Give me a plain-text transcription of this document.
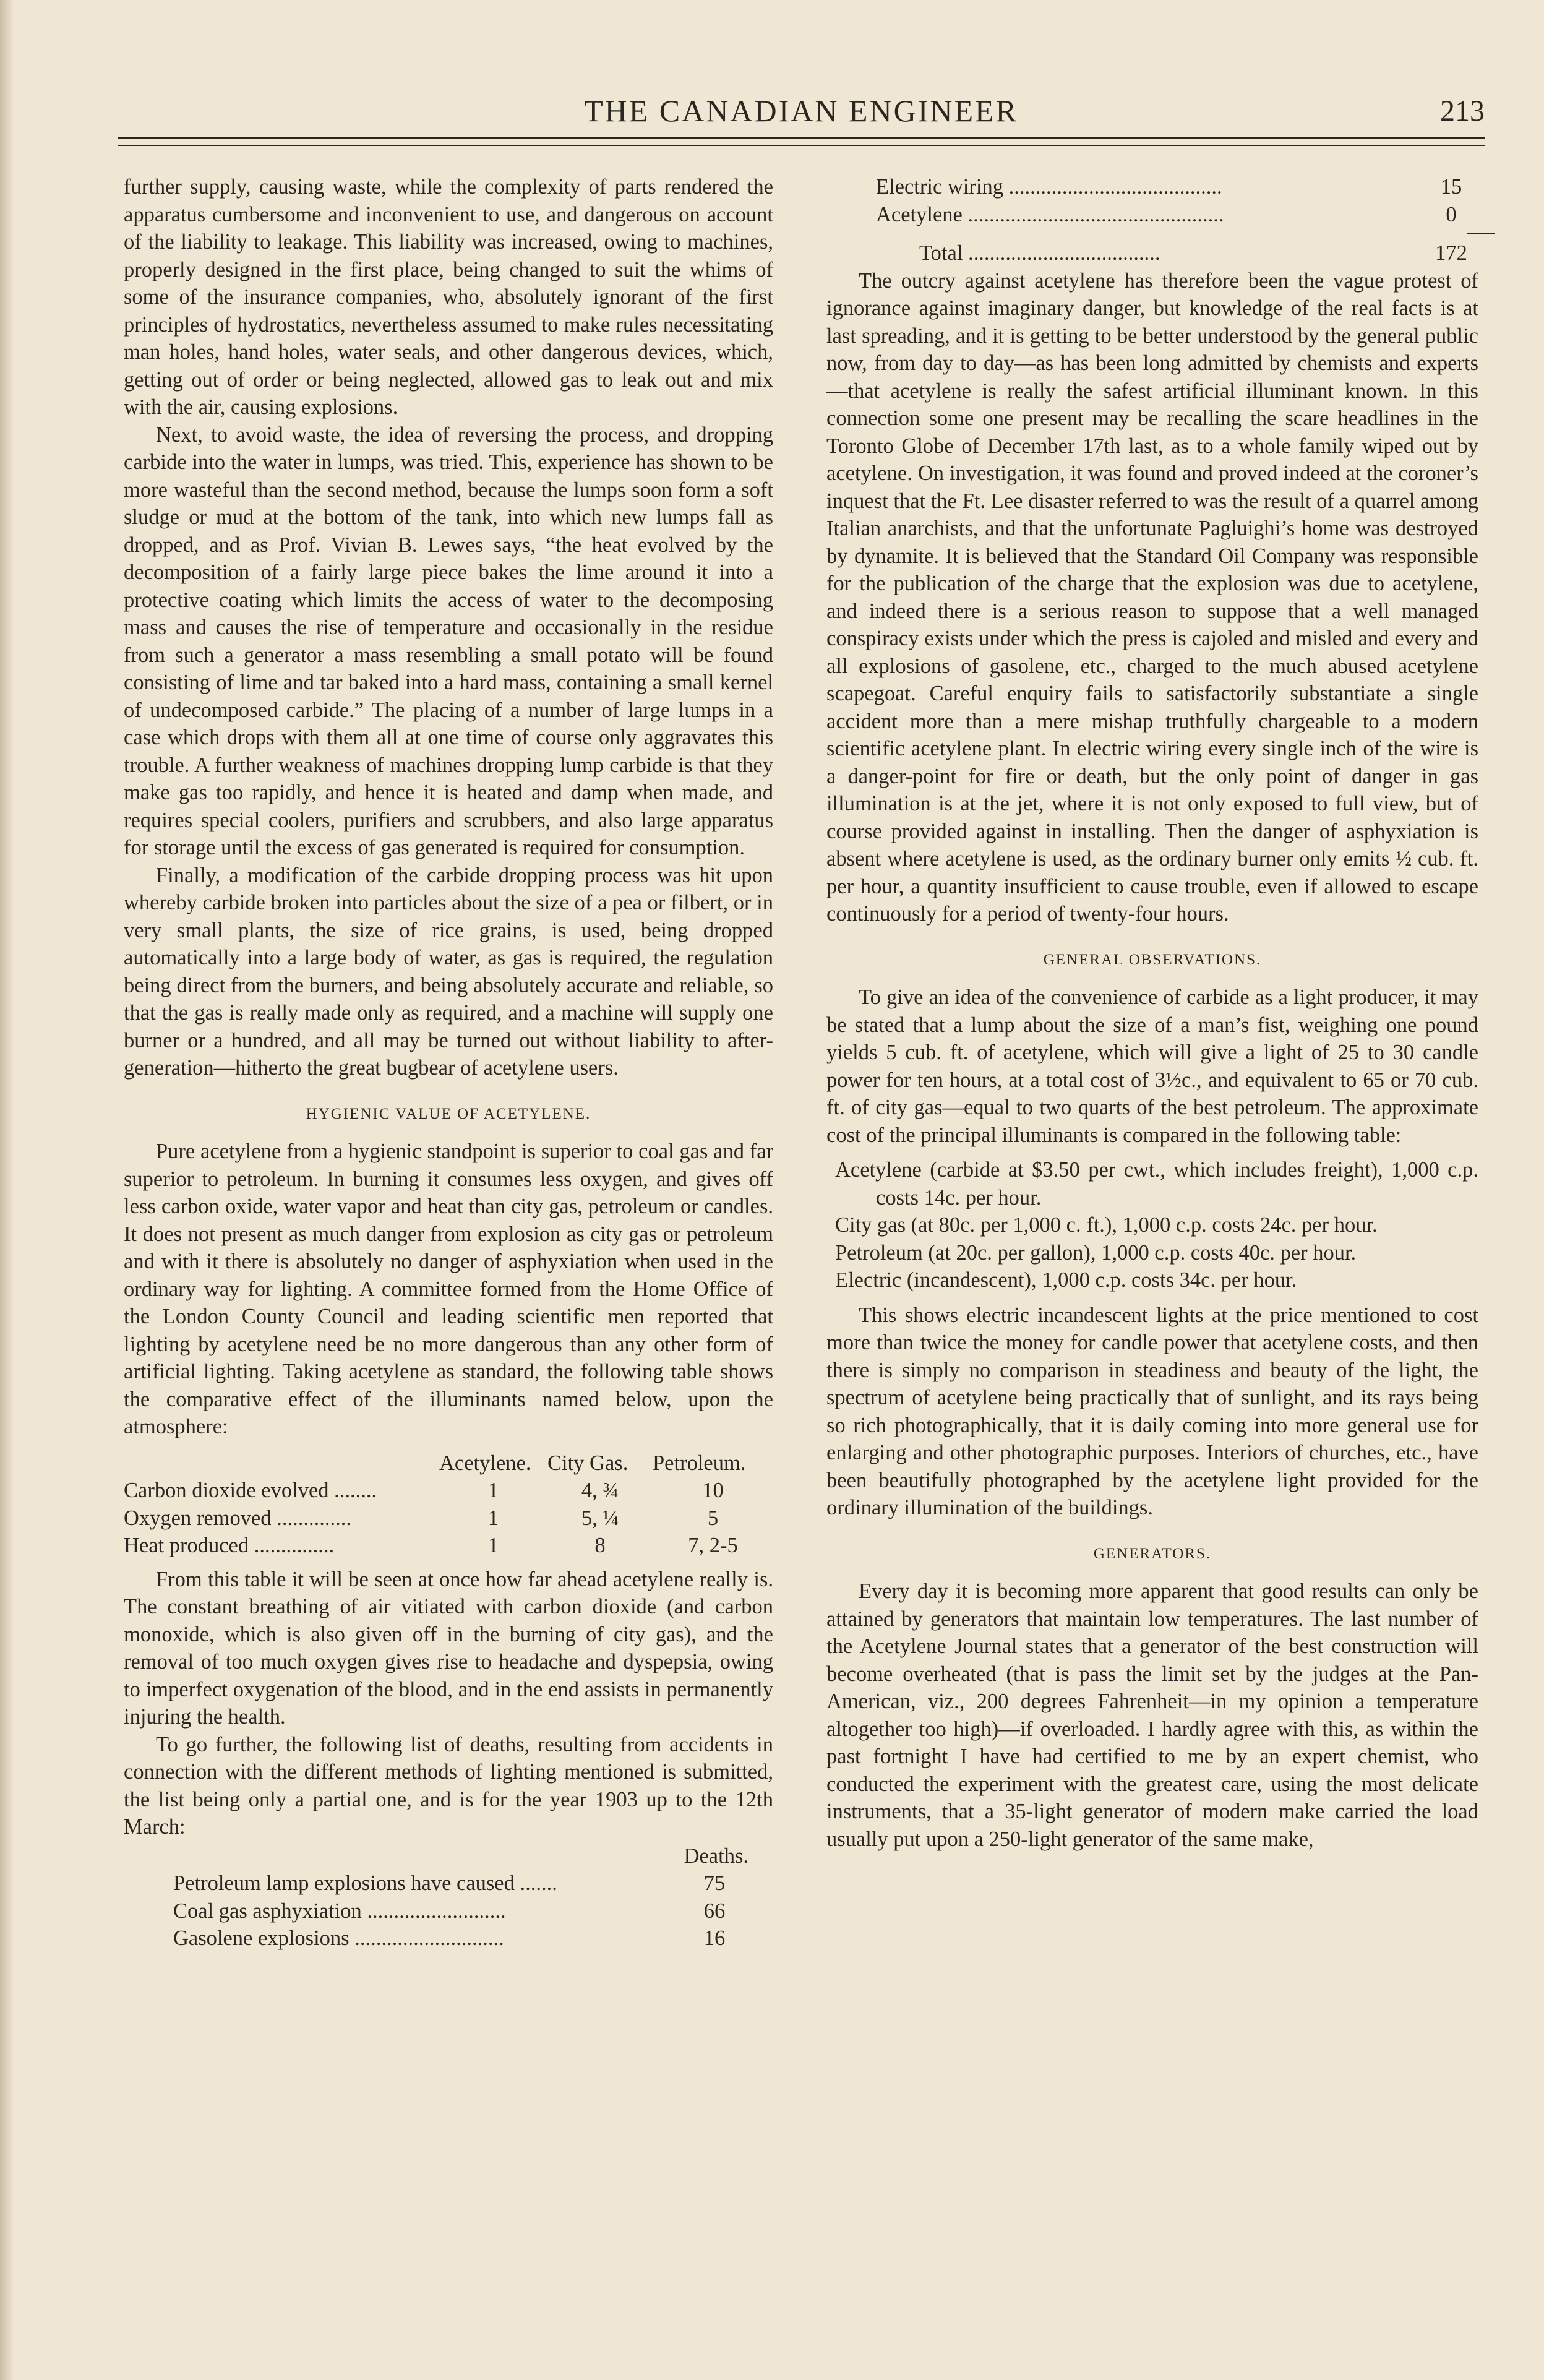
THE CANADIAN ENGINEER	213

further supply, causing waste, while the complexity of parts rendered the apparatus cumbersome and inconvenient to use, and dangerous on account of the liability to leakage. This liability was increased, owing to machines, properly designed in the first place, being changed to suit the whims of some of the insurance companies, who, absolutely ignorant of the first principles of hydrostatics, nevertheless assumed to make rules necessitating man holes, hand holes, water seals, and other dangerous devices, which, getting out of order or being neglected, allowed gas to leak out and mix with the air, causing explosions.

Next, to avoid waste, the idea of reversing the process, and dropping carbide into the water in lumps, was tried. This, experience has shown to be more wasteful than the second method, because the lumps soon form a soft sludge or mud at the bottom of the tank, into which new lumps fall as dropped, and as Prof. Vivian B. Lewes says, “the heat evolved by the decomposition of a fairly large piece bakes the lime around it into a protective coating which limits the access of water to the decomposing mass and causes the rise of temperature and occasionally in the residue from such a generator a mass resembling a small potato will be found consisting of lime and tar baked into a hard mass, containing a small kernel of undecomposed carbide.” The placing of a number of large lumps in a case which drops with them all at one time of course only aggravates this trouble. A further weakness of machines dropping lump carbide is that they make gas too rapidly, and hence it is heated and damp when made, and requires special coolers, purifiers and scrubbers, and also large apparatus for storage until the excess of gas generated is required for consumption.

Finally, a modification of the carbide dropping process was hit upon whereby carbide broken into particles about the size of a pea or filbert, or in very small plants, the size of rice grains, is used, being dropped automatically into a large body of water, as gas is required, the regulation being direct from the burners, and being absolutely accurate and reliable, so that the gas is really made only as required, and a machine will supply one burner or a hundred, and all may be turned out without liability to after-generation—hitherto the great bugbear of acetylene users.

HYGIENIC VALUE OF ACETYLENE.

Pure acetylene from a hygienic standpoint is superior to coal gas and far superior to petroleum. In burning it consumes less oxygen, and gives off less carbon oxide, water vapor and heat than city gas, petroleum or candles. It does not present as much danger from explosion as city gas or petroleum and with it there is absolutely no danger of asphyxiation when used in the ordinary way for lighting. A committee formed from the Home Office of the London County Council and leading scientific men reported that lighting by acetylene need be no more dangerous than any other form of artificial lighting. Taking acetylene as standard, the following table shows the comparative effect of the illuminants named below, upon the atmosphere:

	Acetylene.	City Gas.	Petroleum.
Carbon dioxide evolved ........	1	4, ¾	10
Oxygen removed ..............	1	5, ¼	5
Heat produced ...............	1	8	7, 2-5

From this table it will be seen at once how far ahead acetylene really is. The constant breathing of air vitiated with carbon dioxide (and carbon monoxide, which is also given off in the burning of city gas), and the removal of too much oxygen gives rise to headache and dyspepsia, owing to imperfect oxygenation of the blood, and in the end assists in permanently injuring the health.

To go further, the following list of deaths, resulting from accidents in connection with the different methods of lighting mentioned is submitted, the list being only a partial one, and is for the year 1903 up to the 12th March:

	Deaths.
Petroleum lamp explosions have caused .......	75
Coal gas asphyxiation ..........................	66
Gasolene explosions ............................	16
Electric wiring ........................................	15
Acetylene ................................................	0

Total ....................................	172

The outcry against acetylene has therefore been the vague protest of ignorance against imaginary danger, but knowledge of the real facts is at last spreading, and it is getting to be better understood by the general public now, from day to day—as has been long admitted by chemists and experts—that acetylene is really the safest artificial illuminant known. In this connection some one present may be recalling the scare headlines in the Toronto Globe of December 17th last, as to a whole family wiped out by acetylene. On investigation, it was found and proved indeed at the coroner’s inquest that the Ft. Lee disaster referred to was the result of a quarrel among Italian anarchists, and that the unfortunate Pagluighi’s home was destroyed by dynamite. It is believed that the Standard Oil Company was responsible for the publication of the charge that the explosion was due to acetylene, and indeed there is a serious reason to suppose that a well managed conspiracy exists under which the press is cajoled and misled and every and all explosions of gasolene, etc., charged to the much abused acetylene scapegoat. Careful enquiry fails to satisfactorily substantiate a single accident more than a mere mishap truthfully chargeable to a modern scientific acetylene plant. In electric wiring every single inch of the wire is a danger-point for fire or death, but the only point of danger in gas illumination is at the jet, where it is not only exposed to full view, but of course provided against in installing. Then the danger of asphyxiation is absent where acetylene is used, as the ordinary burner only emits ½ cub. ft. per hour, a quantity insufficient to cause trouble, even if allowed to escape continuously for a period of twenty-four hours.

GENERAL OBSERVATIONS.

To give an idea of the convenience of carbide as a light producer, it may be stated that a lump about the size of a man’s fist, weighing one pound yields 5 cub. ft. of acetylene, which will give a light of 25 to 30 candle power for ten hours, at a total cost of 3½c., and equivalent to 65 or 70 cub. ft. of city gas—equal to two quarts of the best petroleum. The approximate cost of the principal illuminants is compared in the following table:

Acetylene (carbide at $3.50 per cwt., which includes freight), 1,000 c.p. costs 14c. per hour.

City gas (at 80c. per 1,000 c. ft.), 1,000 c.p. costs 24c. per hour.

Petroleum (at 20c. per gallon), 1,000 c.p. costs 40c. per hour.

Electric (incandescent), 1,000 c.p. costs 34c. per hour.

This shows electric incandescent lights at the price mentioned to cost more than twice the money for candle power that acetylene costs, and then there is simply no comparison in steadiness and beauty of the light, the spectrum of acetylene being practically that of sunlight, and its rays being so rich photographically, that it is daily coming into more general use for enlarging and other photographic purposes. Interiors of churches, etc., have been beautifully photographed by the acetylene light provided for the ordinary illumination of the buildings.

GENERATORS.

Every day it is becoming more apparent that good results can only be attained by generators that maintain low temperatures. The last number of the Acetylene Journal states that a generator of the best construction will become overheated (that is pass the limit set by the judges at the Pan-American, viz., 200 degrees Fahrenheit—in my opinion a temperature altogether too high)—if overloaded. I hardly agree with this, as within the past fortnight I have had certified to me by an expert chemist, who conducted the experiment with the greatest care, using the most delicate instruments, that a 35-light generator of modern make carried the load usually put upon a 250-light generator of the same make,
